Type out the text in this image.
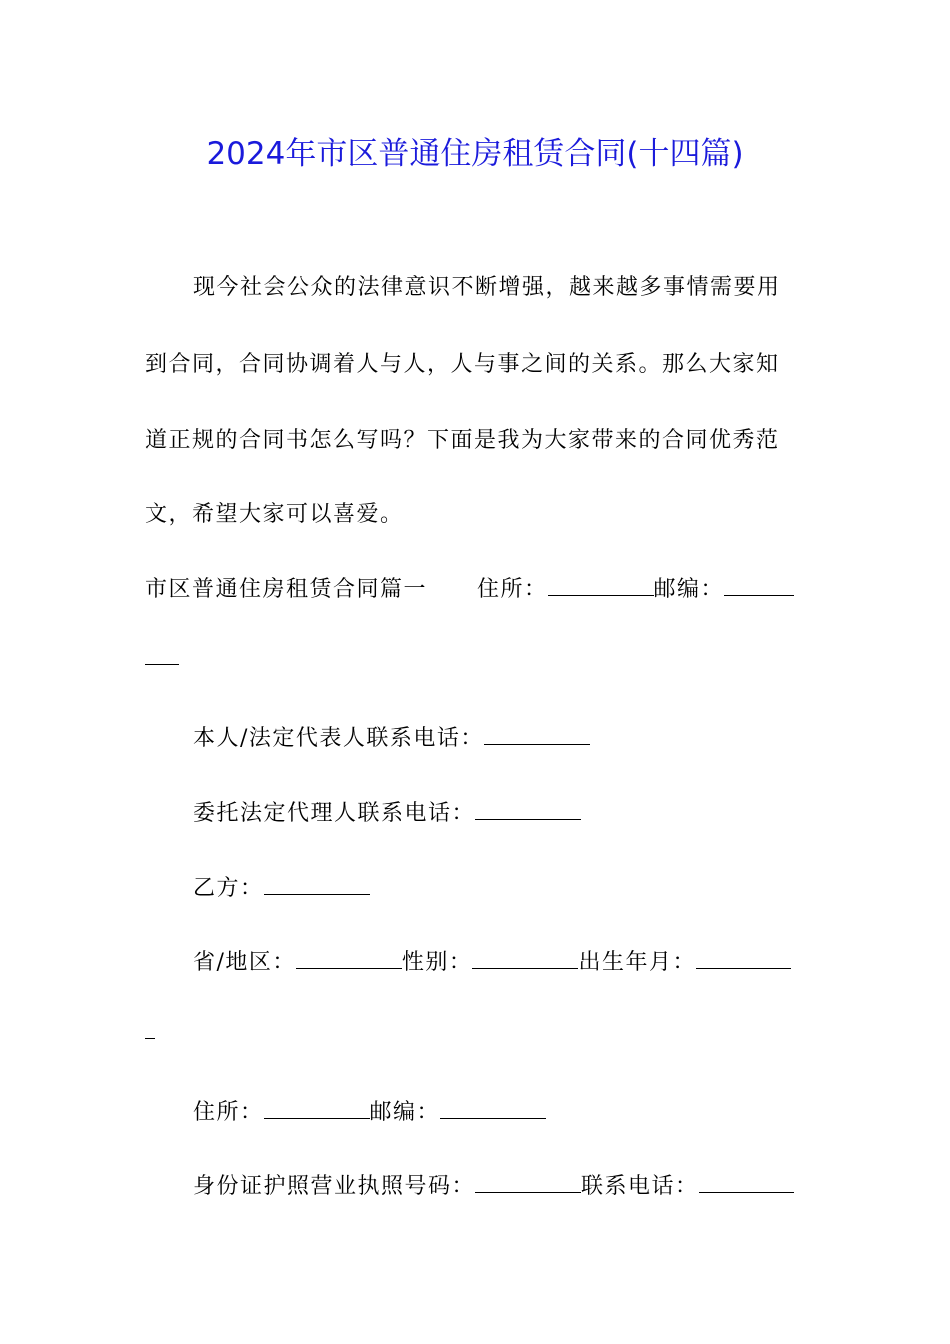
2024年市区普通住房租赁合同(十四篇)
现今社会公众的法律意识不断增强，越来越多事情需要用
到合同，合同协调着人与人，人与事之间的关系。那么大家知
道正规的合同书怎么写吗？下面是我为大家带来的合同优秀范
文，希望大家可以喜爱。
市区普通住房租赁合同篇一 住所：	邮编：
本人/法定代表人联系电话：
委托法定代理人联系电话：
乙方：
省/地区：	性别：	出生年月：
住所：	邮编：
身份证护照营业执照号码：	联系电话：
